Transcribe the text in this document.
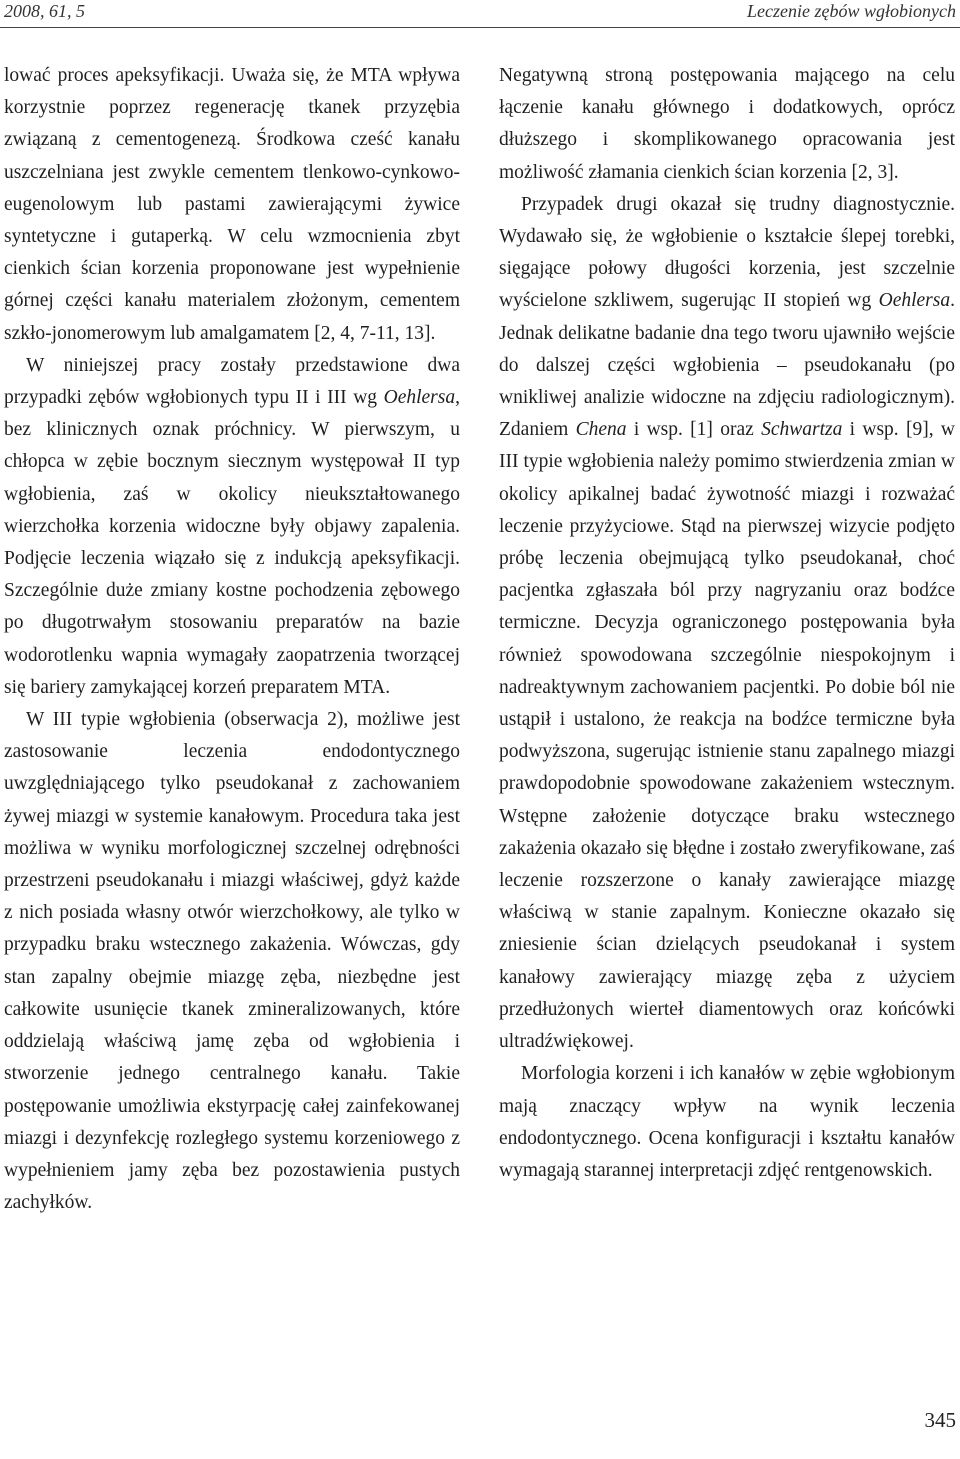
2008, 61, 5	Leczenie zębów wgłobionych

lować proces apeksyfikacji. Uważa się, że MTA wpływa korzystnie poprzez regenerację tkanek przyzębia związaną z cementogenezą. Środkowa cześć kanału uszczelniana jest zwykle cementem tlenkowo-cynkowo-eugenolowym lub pastami zawierającymi żywice syntetyczne i gutaperką. W celu wzmocnienia zbyt cienkich ścian korzenia proponowane jest wypełnienie górnej części kanału materialem złożonym, cementem szkło-jonomerowym lub amalgamatem [2, 4, 7-11, 13].

W niniejszej pracy zostały przedstawione dwa przypadki zębów wgłobionych typu II i III wg Oehlersa, bez klinicznych oznak próchnicy. W pierwszym, u chłopca w zębie bocznym siecznym występował II typ wgłobienia, zaś w okolicy nieukształtowanego wierzchołka korzenia widoczne były objawy zapalenia. Podjęcie leczenia wiązało się z indukcją apeksyfikacji. Szczególnie duże zmiany kostne pochodzenia zębowego po długotrwałym stosowaniu preparatów na bazie wodorotlenku wapnia wymagały zaopatrzenia tworzącej się bariery zamykającej korzeń preparatem MTA.

W III typie wgłobienia (obserwacja 2), możliwe jest zastosowanie leczenia endodontycznego uwzględniającego tylko pseudokanał z zachowaniem żywej miazgi w systemie kanałowym. Procedura taka jest możliwa w wyniku morfologicznej szczelnej odrębności przestrzeni pseudokanału i miazgi właściwej, gdyż każde z nich posiada własny otwór wierzchołkowy, ale tylko w przypadku braku wstecznego zakażenia. Wówczas, gdy stan zapalny obejmie miazgę zęba, niezbędne jest całkowite usunięcie tkanek zmineralizowanych, które oddzielają właściwą jamę zęba od wgłobienia i stworzenie jednego centralnego kanału. Takie postępowanie umożliwia ekstyrpację całej zainfekowanej miazgi i dezynfekcję rozległego systemu korzeniowego z wypełnieniem jamy zęba bez pozostawienia pustych zachyłków.

Negatywną stroną postępowania mającego na celu łączenie kanału głównego i dodatkowych, oprócz dłuższego i skomplikowanego opracowania jest możliwość złamania cienkich ścian korzenia [2, 3].

Przypadek drugi okazał się trudny diagnostycznie. Wydawało się, że wgłobienie o kształcie ślepej torebki, sięgające połowy długości korzenia, jest szczelnie wyścielone szkliwem, sugerując II stopień wg Oehlersa. Jednak delikatne badanie dna tego tworu ujawniło wejście do dalszej części wgłobienia – pseudokanału (po wnikliwej analizie widoczne na zdjęciu radiologicznym). Zdaniem Chena i wsp. [1] oraz Schwartza i wsp. [9], w III typie wgłobienia należy pomimo stwierdzenia zmian w okolicy apikalnej badać żywotność miazgi i rozważać leczenie przyżyciowe. Stąd na pierwszej wizycie podjęto próbę leczenia obejmującą tylko pseudokanał, choć pacjentka zgłaszała ból przy nagryzaniu oraz bodźce termiczne. Decyzja ograniczonego postępowania była również spowodowana szczególnie niespokojnym i nadreaktywnym zachowaniem pacjentki. Po dobie ból nie ustąpił i ustalono, że reakcja na bodźce termiczne była podwyższona, sugerując istnienie stanu zapalnego miazgi prawdopodobnie spowodowane zakażeniem wstecznym. Wstępne założenie dotyczące braku wstecznego zakażenia okazało się błędne i zostało zweryfikowane, zaś leczenie rozszerzone o kanały zawierające miazgę właściwą w stanie zapalnym. Konieczne okazało się zniesienie ścian dzielących pseudokanał i system kanałowy zawierający miazgę zęba z użyciem przedłużonych wierteł diamentowych oraz końcówki ultradźwiękowej.

Morfologia korzeni i ich kanałów w zębie wgłobionym mają znaczący wpływ na wynik leczenia endodontycznego. Ocena konfiguracji i kształtu kanałów wymagają starannej interpretacji zdjęć rentgenowskich.

345
